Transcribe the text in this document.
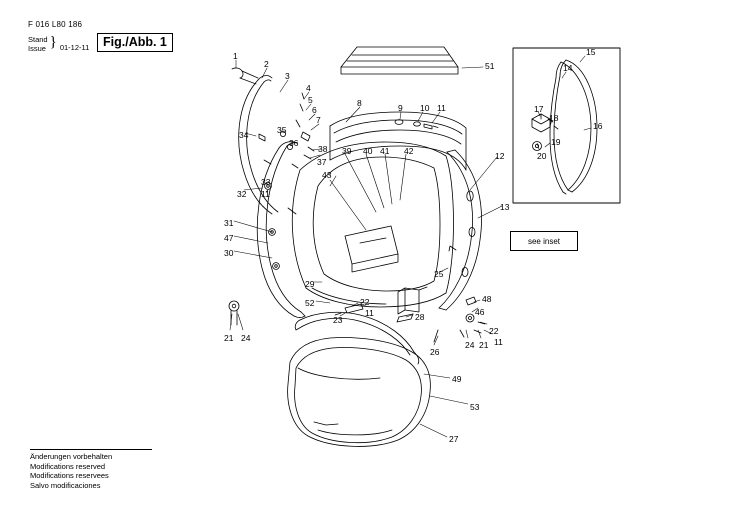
F 016 L80 186
Stand
Issue } 01-12-11	Fig./Abb. 1
Änderungen vorbehalten
Modifications reserved
Modifications reservees
Salvo modificaciones
see inset
1
2
3
4
5
6
7
8	9 10 11
51
15
14
17
18
16
19
20
12
13
34	35
36
38
37
39 40 41 42
43
33
32 11
31
47
30
29
25
52	22
11
23	28
48
46
22
11
24 21
26
21 24
49
53
27
